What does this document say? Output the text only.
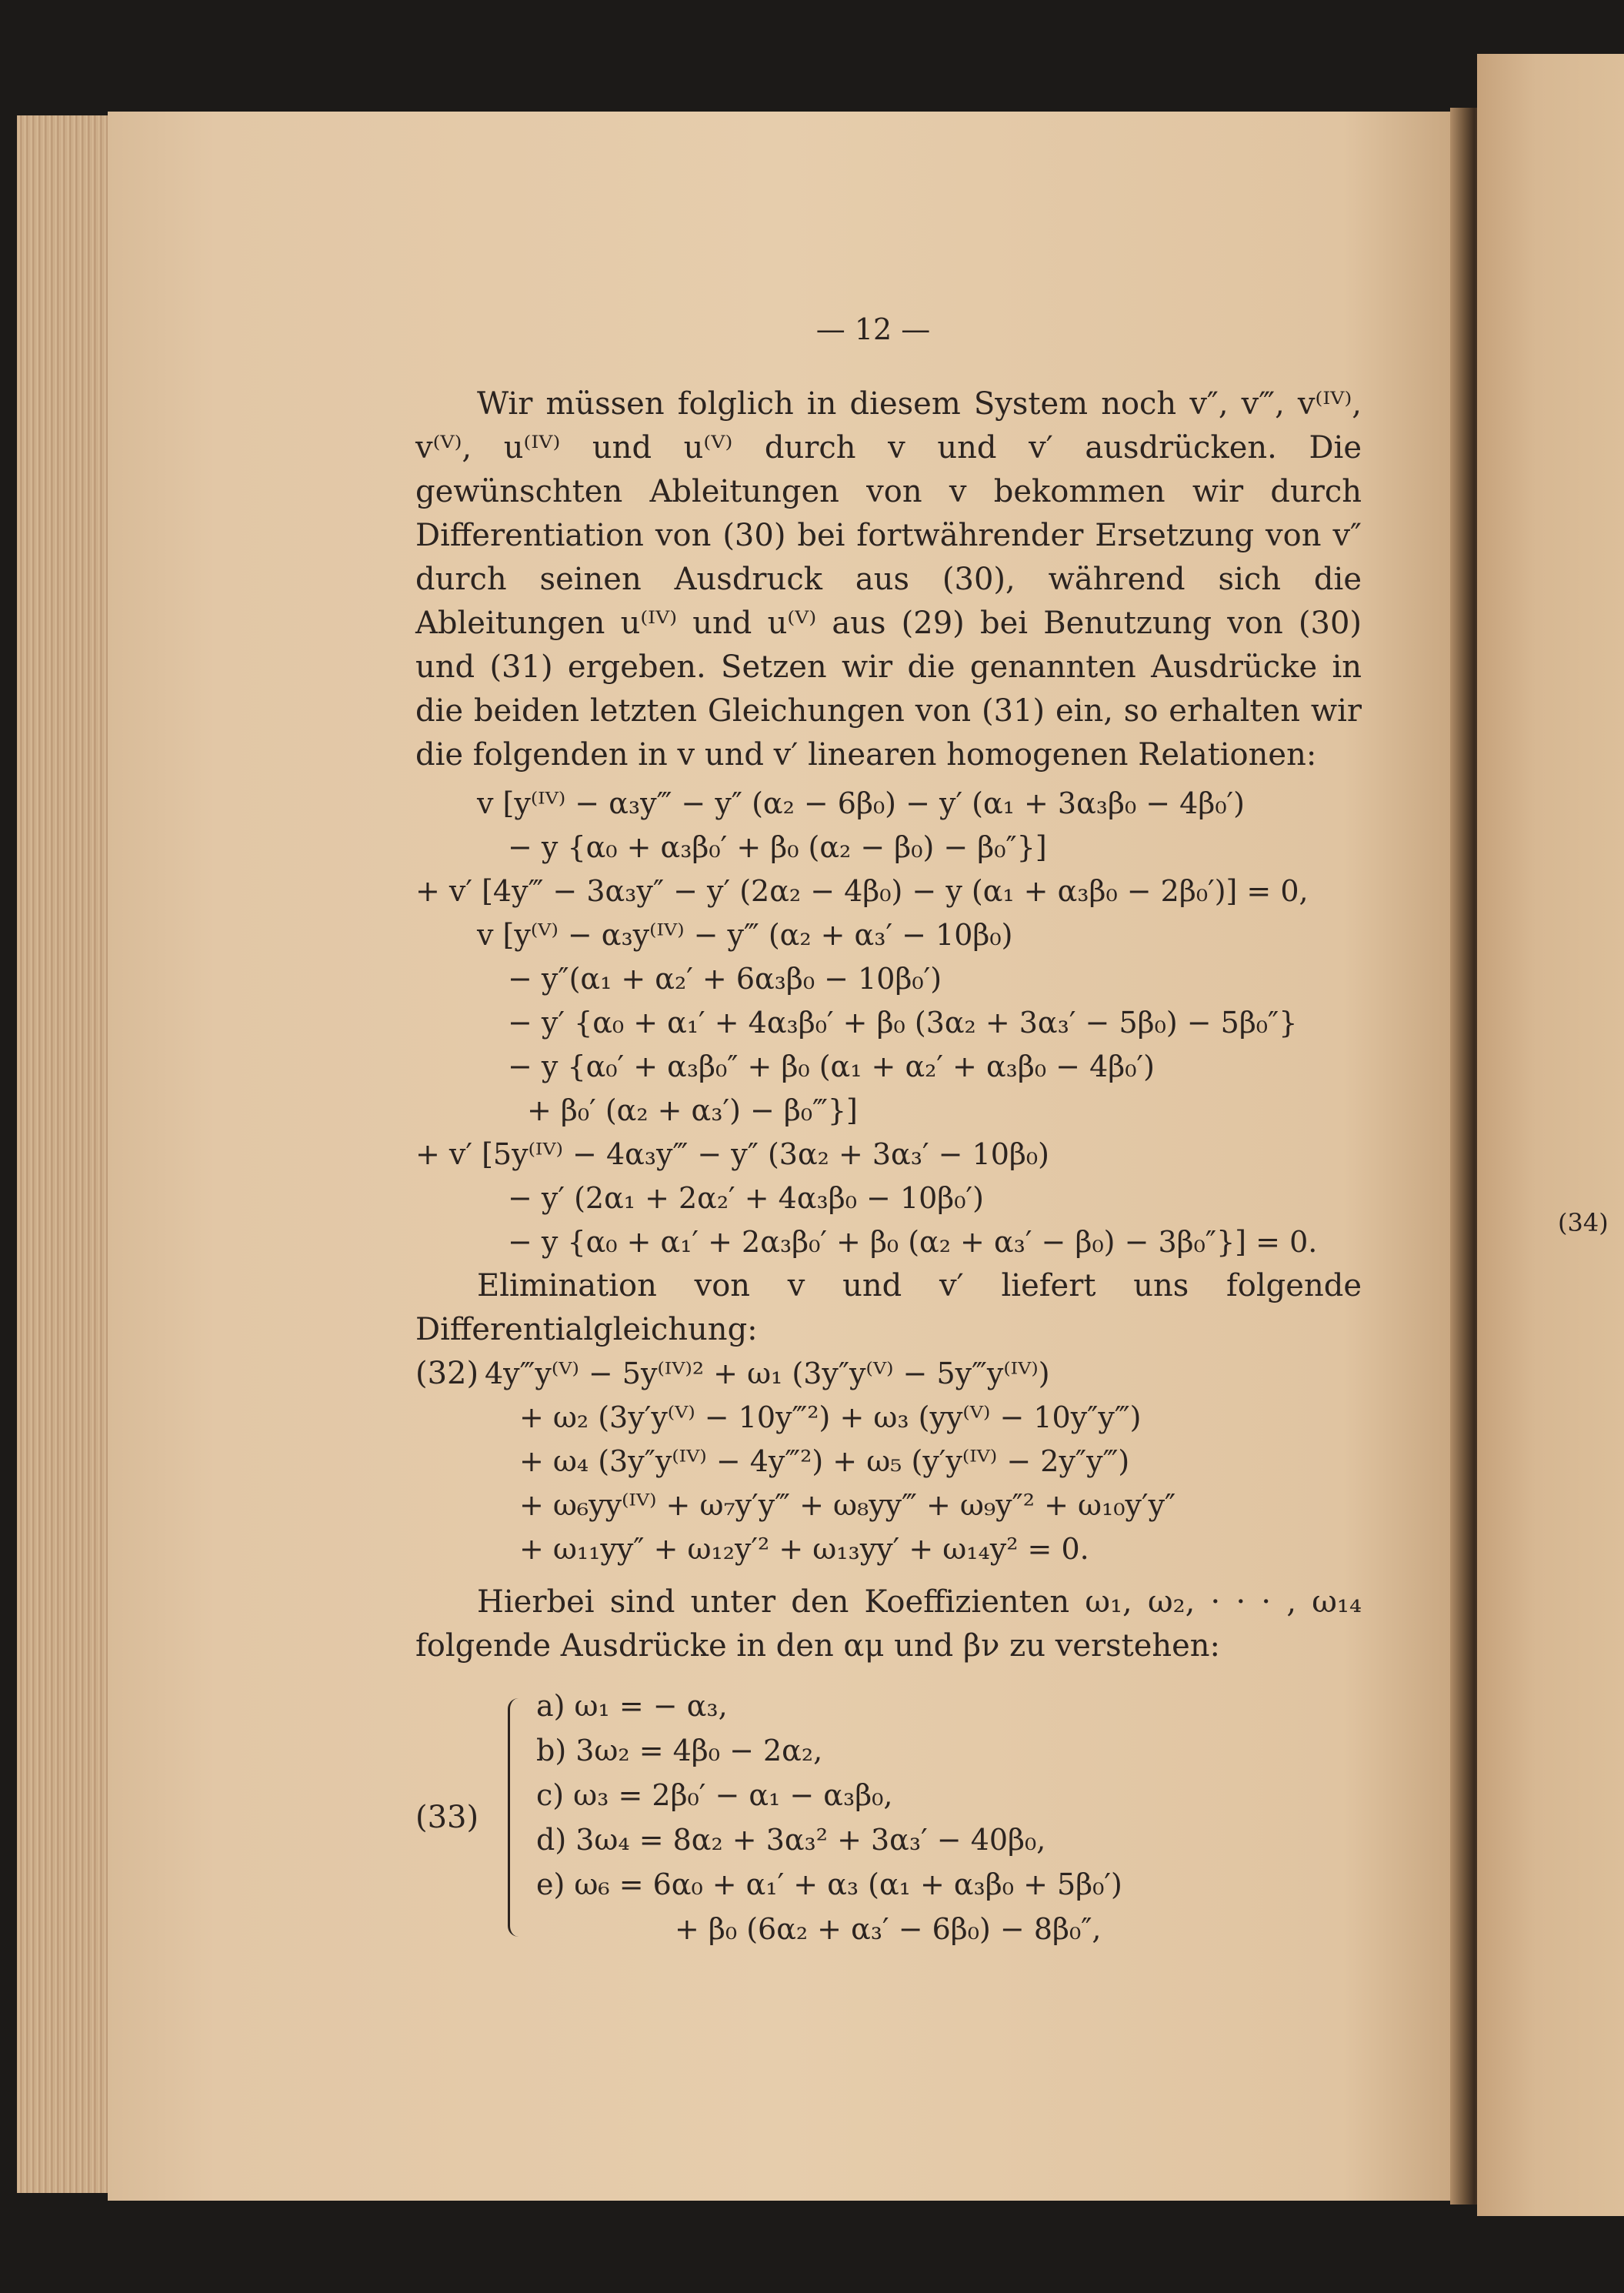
(34)
— 12 —

Wir müssen folglich in diesem System noch v″, v‴, v⁽ᴵⱽ⁾, v⁽ⱽ⁾, u⁽ᴵⱽ⁾ und u⁽ⱽ⁾ durch v und v′ ausdrücken. Die gewünschten Ableitungen von v bekommen wir durch Differentiation von (30) bei fortwährender Ersetzung von v″ durch seinen Ausdruck aus (30), während sich die Ableitungen u⁽ᴵⱽ⁾ und u⁽ⱽ⁾ aus (29) bei Benutzung von (30) und (31) ergeben. Setzen wir die genannten Ausdrücke in die beiden letzten Gleichungen von (31) ein, so erhalten wir die folgenden in v und v′ linearen homogenen Relationen:

v [y⁽ᴵⱽ⁾ − α₃y‴ − y″ (α₂ − 6β₀) − y′ (α₁ + 3α₃β₀ − 4β₀′)
− y {α₀ + α₃β₀′ + β₀ (α₂ − β₀) − β₀″}]
+ v′ [4y‴ − 3α₃y″ − y′ (2α₂ − 4β₀) − y (α₁ + α₃β₀ − 2β₀′)] = 0,
v [y⁽ⱽ⁾ − α₃y⁽ᴵⱽ⁾ − y‴ (α₂ + α₃′ − 10β₀)
− y″(α₁ + α₂′ + 6α₃β₀ − 10β₀′)
− y′ {α₀ + α₁′ + 4α₃β₀′ + β₀ (3α₂ + 3α₃′ − 5β₀) − 5β₀″}
− y {α₀′ + α₃β₀″ + β₀ (α₁ + α₂′ + α₃β₀ − 4β₀′)
+ β₀′ (α₂ + α₃′) − β₀‴}]
+ v′ [5y⁽ᴵⱽ⁾ − 4α₃y‴ − y″ (3α₂ + 3α₃′ − 10β₀)
− y′ (2α₁ + 2α₂′ + 4α₃β₀ − 10β₀′)
− y {α₀ + α₁′ + 2α₃β₀′ + β₀ (α₂ + α₃′ − β₀) − 3β₀″}] = 0.

Elimination von v und v′ liefert uns folgende Differentialgleichung:

(32) 4y‴y⁽ⱽ⁾ − 5y⁽ᴵⱽ⁾² + ω₁ (3y″y⁽ⱽ⁾ − 5y‴y⁽ᴵⱽ⁾)
+ ω₂ (3y′y⁽ⱽ⁾ − 10y‴²) + ω₃ (yy⁽ⱽ⁾ − 10y″y‴)
+ ω₄ (3y″y⁽ᴵⱽ⁾ − 4y‴²) + ω₅ (y′y⁽ᴵⱽ⁾ − 2y″y‴)
+ ω₆yy⁽ᴵⱽ⁾ + ω₇y′y‴ + ω₈yy‴ + ω₉y″² + ω₁₀y′y″
+ ω₁₁yy″ + ω₁₂y′² + ω₁₃yy′ + ω₁₄y² = 0.

Hierbei sind unter den Koeffizienten ω₁, ω₂, · · · , ω₁₄ folgende Ausdrücke in den αμ und βν zu verstehen:

(33)
a) ω₁ = − α₃,
b) 3ω₂ = 4β₀ − 2α₂,
c) ω₃ = 2β₀′ − α₁ − α₃β₀,
d) 3ω₄ = 8α₂ + 3α₃² + 3α₃′ − 40β₀,
e) ω₆ = 6α₀ + α₁′ + α₃ (α₁ + α₃β₀ + 5β₀′)
+ β₀ (6α₂ + α₃′ − 6β₀) − 8β₀″,
